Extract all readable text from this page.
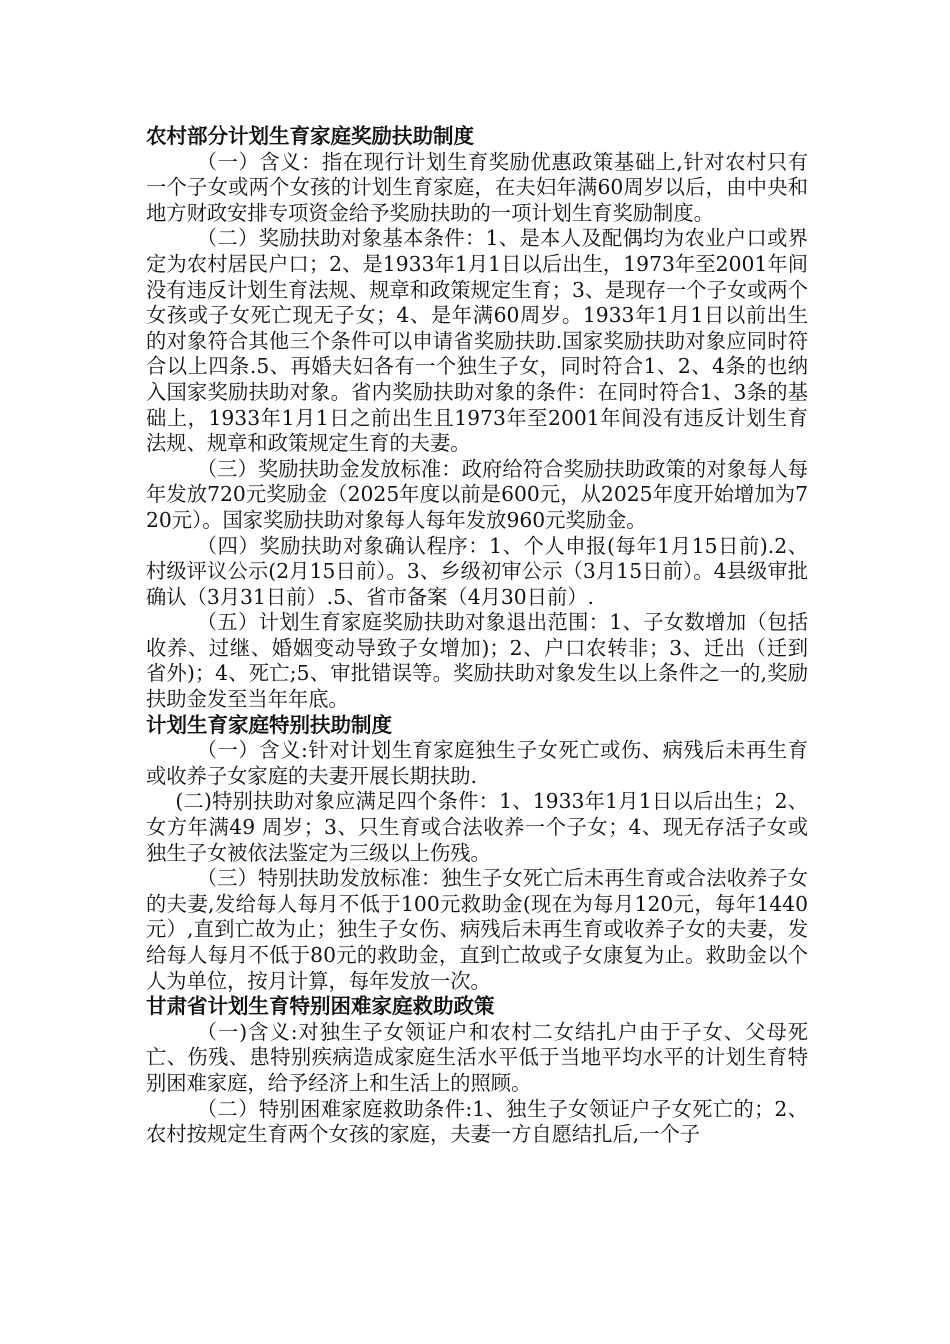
农村部分计划生育家庭奖励扶助制度

（一）含义：指在现行计划生育奖励优惠政策基础上,针对农村只有一个子女或两个女孩的计划生育家庭，在夫妇年满60周岁以后，由中央和地方财政安排专项资金给予奖励扶助的一项计划生育奖励制度。

（二）奖励扶助对象基本条件：1、是本人及配偶均为农业户口或界定为农村居民户口；2、是1933年1月1日以后出生，1973年至2001年间没有违反计划生育法规、规章和政策规定生育；3、是现存一个子女或两个女孩或子女死亡现无子女；4、是年满60周岁。1933年1月1日以前出生的对象符合其他三个条件可以申请省奖励扶助.国家奖励扶助对象应同时符合以上四条.5、再婚夫妇各有一个独生子女，同时符合1、2、4条的也纳入国家奖励扶助对象。省内奖励扶助对象的条件：在同时符合1、3条的基础上，1933年1月1日之前出生且1973年至2001年间没有违反计划生育法规、规章和政策规定生育的夫妻。

（三）奖励扶助金发放标准：政府给符合奖励扶助政策的对象每人每年发放720元奖励金（2025年度以前是600元，从2025年度开始增加为720元）。国家奖励扶助对象每人每年发放960元奖励金。

（四）奖励扶助对象确认程序：1、个人申报(每年1月15日前).2、村级评议公示(2月15日前）。3、乡级初审公示（3月15日前）。4县级审批确认（3月31日前）.5、省市备案（4月30日前）.

（五）计划生育家庭奖励扶助对象退出范围：1、子女数增加（包括收养、过继、婚姻变动导致子女增加)；2、户口农转非；3、迁出（迁到省外)；4、死亡;5、审批错误等。奖励扶助对象发生以上条件之一的,奖励扶助金发至当年年底。

计划生育家庭特别扶助制度

（一）含义:针对计划生育家庭独生子女死亡或伤、病残后未再生育或收养子女家庭的夫妻开展长期扶助.

(二)特别扶助对象应满足四个条件：1、1933年1月1日以后出生；2、女方年满49 周岁；3、只生育或合法收养一个子女；4、现无存活子女或独生子女被依法鉴定为三级以上伤残。

（三）特别扶助发放标准：独生子女死亡后未再生育或合法收养子女的夫妻,发给每人每月不低于100元救助金(现在为每月120元，每年1440元）,直到亡故为止；独生子女伤、病残后未再生育或收养子女的夫妻，发给每人每月不低于80元的救助金，直到亡故或子女康复为止。救助金以个人为单位，按月计算，每年发放一次。

甘肃省计划生育特别困难家庭救助政策

（一)含义:对独生子女领证户和农村二女结扎户由于子女、父母死亡、伤残、患特别疾病造成家庭生活水平低于当地平均水平的计划生育特别困难家庭，给予经济上和生活上的照顾。

（二）特别困难家庭救助条件:1、独生子女领证户子女死亡的；2、农村按规定生育两个女孩的家庭，夫妻一方自愿结扎后,一个子
